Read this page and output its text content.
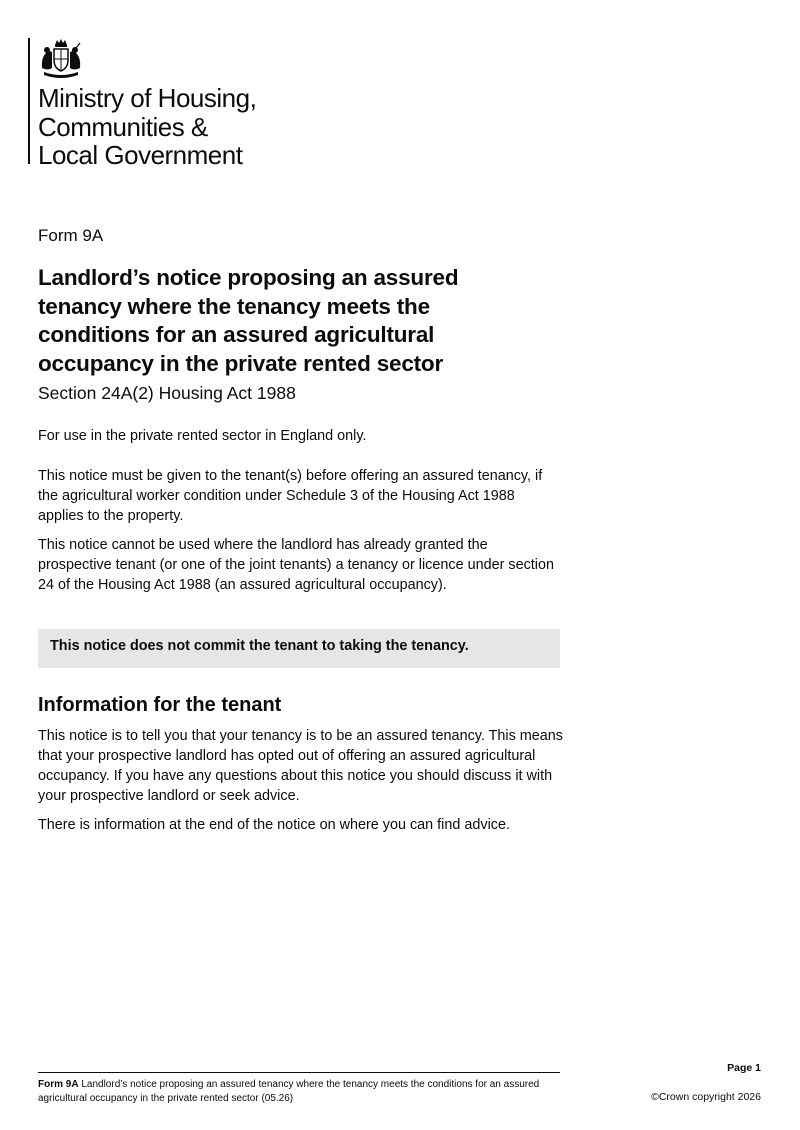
Ministry of Housing,
Communities &
Local Government
Form 9A
Landlord’s notice proposing an assured tenancy where the tenancy meets the conditions for an assured agricultural occupancy in the private rented sector
Section 24A(2) Housing Act 1988

For use in the private rented sector in England only.

This notice must be given to the tenant(s) before offering an assured tenancy, if the agricultural worker condition under Schedule 3 of the Housing Act 1988 applies to the property.

This notice cannot be used where the landlord has already granted the prospective tenant (or one of the joint tenants) a tenancy or licence under section 24 of the Housing Act 1988 (an assured agricultural occupancy).

This notice does not commit the tenant to taking the tenancy.
Information for the tenant

This notice is to tell you that your tenancy is to be an assured tenancy. This means that your prospective landlord has opted out of offering an assured agricultural occupancy. If you have any questions about this notice you should discuss it with your prospective landlord or seek advice.

There is information at the end of the notice on where you can find advice.

Form 9A Landlord’s notice proposing an assured tenancy where the tenancy meets the conditions for an assured agricultural occupancy in the private rented sector (05.26)

Page 1
©Crown copyright 2026
